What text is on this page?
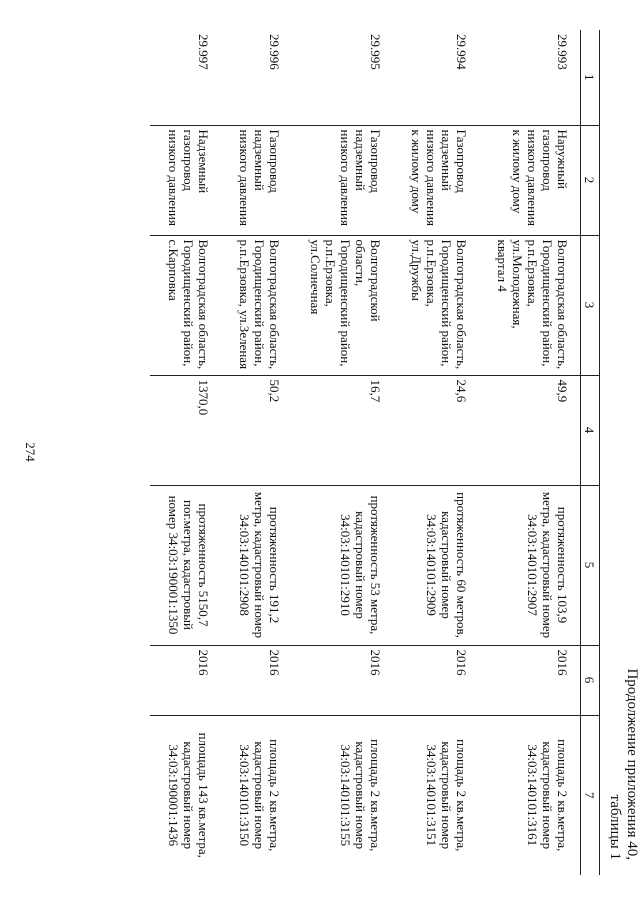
274
Продолжение приложения 40,
таблицы 1
1	2	3	4	5	6	7
29.993	Наружный газопровод низкого давления к жилому дому	Волгоградская область, Городищенский район, р.п.Ерзовка, ул.Молодежная, квартал 4	49,9	протяженность 103,9 метра, кадастровый номер 34:03:140101:2907	2016	площадь 2 кв.метра, кадастровый номер 34:03:140101:3161
29.994	Газопровод надземный низкого давления к жилому дому	Волгоградская область, Городищенский район, р.п.Ерзовка, ул.Дружбы	24,6	протяженность 60 метров, кадастровый номер 34:03:140101:2909	2016	площадь 2 кв.метра, кадастровый номер 34:03:140101:3151
29.995	Газопровод надземный низкого давления	Волгоградской области, Городищенский район, р.п.Ерзовка, ул.Солнечная	16,7	протяженность 53 метра, кадастровый номер 34:03:140101:2910	2016	площадь 2 кв.метра, кадастровый номер 34:03:140101:3155
29.996	Газопровод надземный низкого давления	Волгоградская область, Городищенский район, р.п.Ерзовка, ул.Зеленая	50,2	протяженность 191,2 метра, кадастровый номер 34:03:140101:2908	2016	площадь 2 кв.метра, кадастровый номер 34:03:140101:3150
29.997	Надземный газопровод низкого давления	Волгоградская область, Городищенский район, с.Карповка	1370,0	протяженность 5150,7 пог.метра, кадастровый номер 34:03:190001:1350	2016	площадь 143 кв.метра, кадастровый номер 34:03:190001:1436
